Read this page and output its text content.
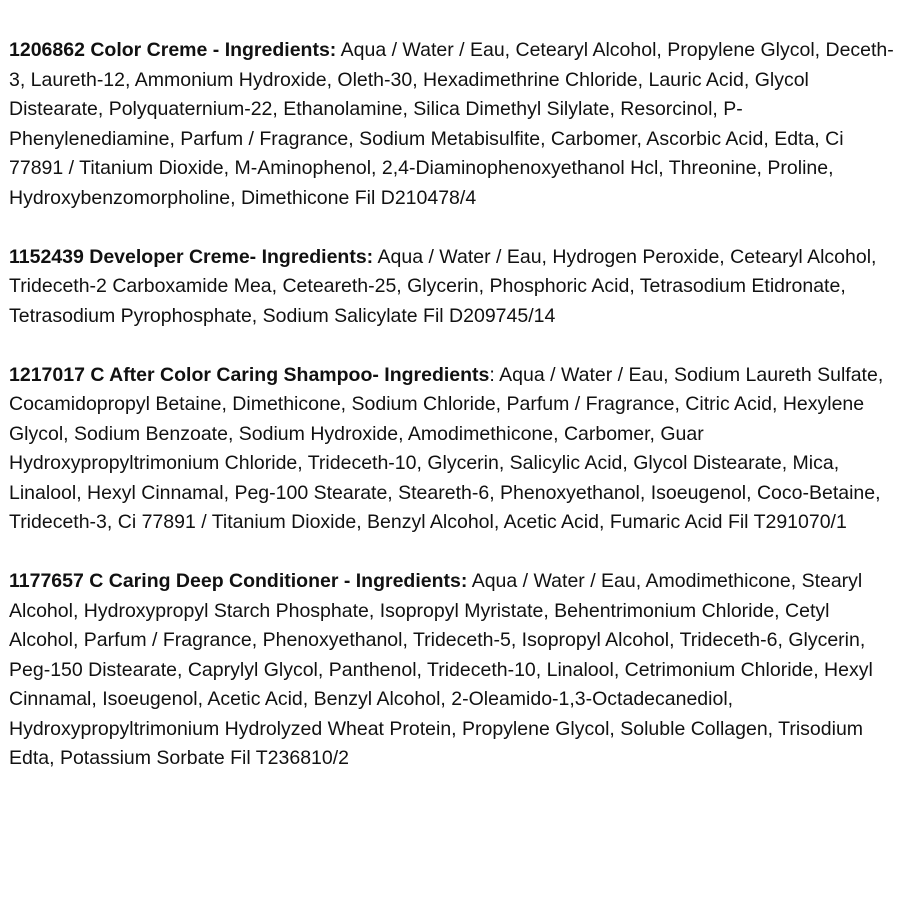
1206862 Color Creme - Ingredients: Aqua / Water / Eau, Cetearyl Alcohol, Propylene Glycol, Deceth-3, Laureth-12, Ammonium Hydroxide, Oleth-30, Hexadimethrine Chloride, Lauric Acid, Glycol Distearate, Polyquaternium-22, Ethanolamine, Silica Dimethyl Silylate, Resorcinol, P-Phenylenediamine, Parfum / Fragrance, Sodium Metabisulfite, Carbomer, Ascorbic Acid, Edta, Ci 77891 / Titanium Dioxide, M-Aminophenol, 2,4-Diaminophenoxyethanol Hcl, Threonine, Proline, Hydroxybenzomorpholine, Dimethicone Fil D210478/4

1152439 Developer Creme- Ingredients: Aqua / Water / Eau, Hydrogen Peroxide, Cetearyl Alcohol, Trideceth-2 Carboxamide Mea, Ceteareth-25, Glycerin, Phosphoric Acid, Tetrasodium Etidronate, Tetrasodium Pyrophosphate, Sodium Salicylate Fil D209745/14

1217017 C After Color Caring Shampoo- Ingredients: Aqua / Water / Eau, Sodium Laureth Sulfate, Cocamidopropyl Betaine, Dimethicone, Sodium Chloride, Parfum / Fragrance, Citric Acid, Hexylene Glycol, Sodium Benzoate, Sodium Hydroxide, Amodimethicone, Carbomer, Guar Hydroxypropyltrimonium Chloride, Trideceth-10, Glycerin, Salicylic Acid, Glycol Distearate, Mica, Linalool, Hexyl Cinnamal, Peg-100 Stearate, Steareth-6, Phenoxyethanol, Isoeugenol, Coco-Betaine, Trideceth-3, Ci 77891 / Titanium Dioxide, Benzyl Alcohol, Acetic Acid, Fumaric Acid Fil T291070/1

1177657 C Caring Deep Conditioner - Ingredients: Aqua / Water / Eau, Amodimethicone, Stearyl Alcohol, Hydroxypropyl Starch Phosphate, Isopropyl Myristate, Behentrimonium Chloride, Cetyl Alcohol, Parfum / Fragrance, Phenoxyethanol, Trideceth-5, Isopropyl Alcohol, Trideceth-6, Glycerin, Peg-150 Distearate, Caprylyl Glycol, Panthenol, Trideceth-10, Linalool, Cetrimonium Chloride, Hexyl Cinnamal, Isoeugenol, Acetic Acid, Benzyl Alcohol, 2-Oleamido-1,3-Octadecanediol, Hydroxypropyltrimonium Hydrolyzed Wheat Protein, Propylene Glycol, Soluble Collagen, Trisodium Edta, Potassium Sorbate Fil T236810/2
